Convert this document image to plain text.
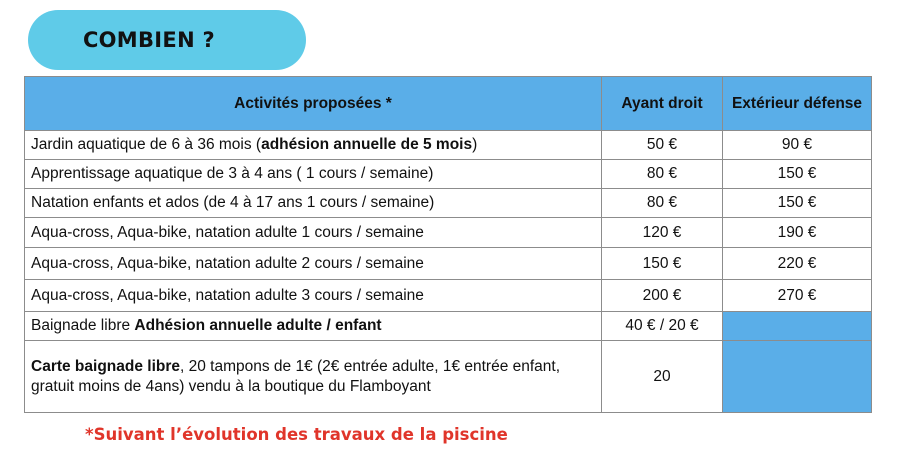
COMBIEN ?
Activités proposées *	Ayant droit	Extérieur défense
Jardin aquatique de 6 à 36 mois (adhésion annuelle de 5 mois)	50 €	90 €
Apprentissage aquatique de 3 à 4 ans ( 1 cours / semaine)	80 €	150 €
Natation enfants et ados (de 4 à 17 ans 1 cours / semaine)	80 €	150 €
Aqua-cross, Aqua-bike, natation adulte 1 cours / semaine	120 €	190 €
Aqua-cross, Aqua-bike, natation adulte 2 cours / semaine	150 €	220 €
Aqua-cross, Aqua-bike, natation adulte 3 cours / semaine	200 €	270 €
Baignade libre Adhésion annuelle adulte / enfant	40 € / 20 €	
Carte baignade libre, 20 tampons de 1€ (2€ entrée adulte, 1€ entrée enfant, gratuit moins de 4ans) vendu à la boutique du Flamboyant	20	
*Suivant l’évolution des travaux de la piscine
